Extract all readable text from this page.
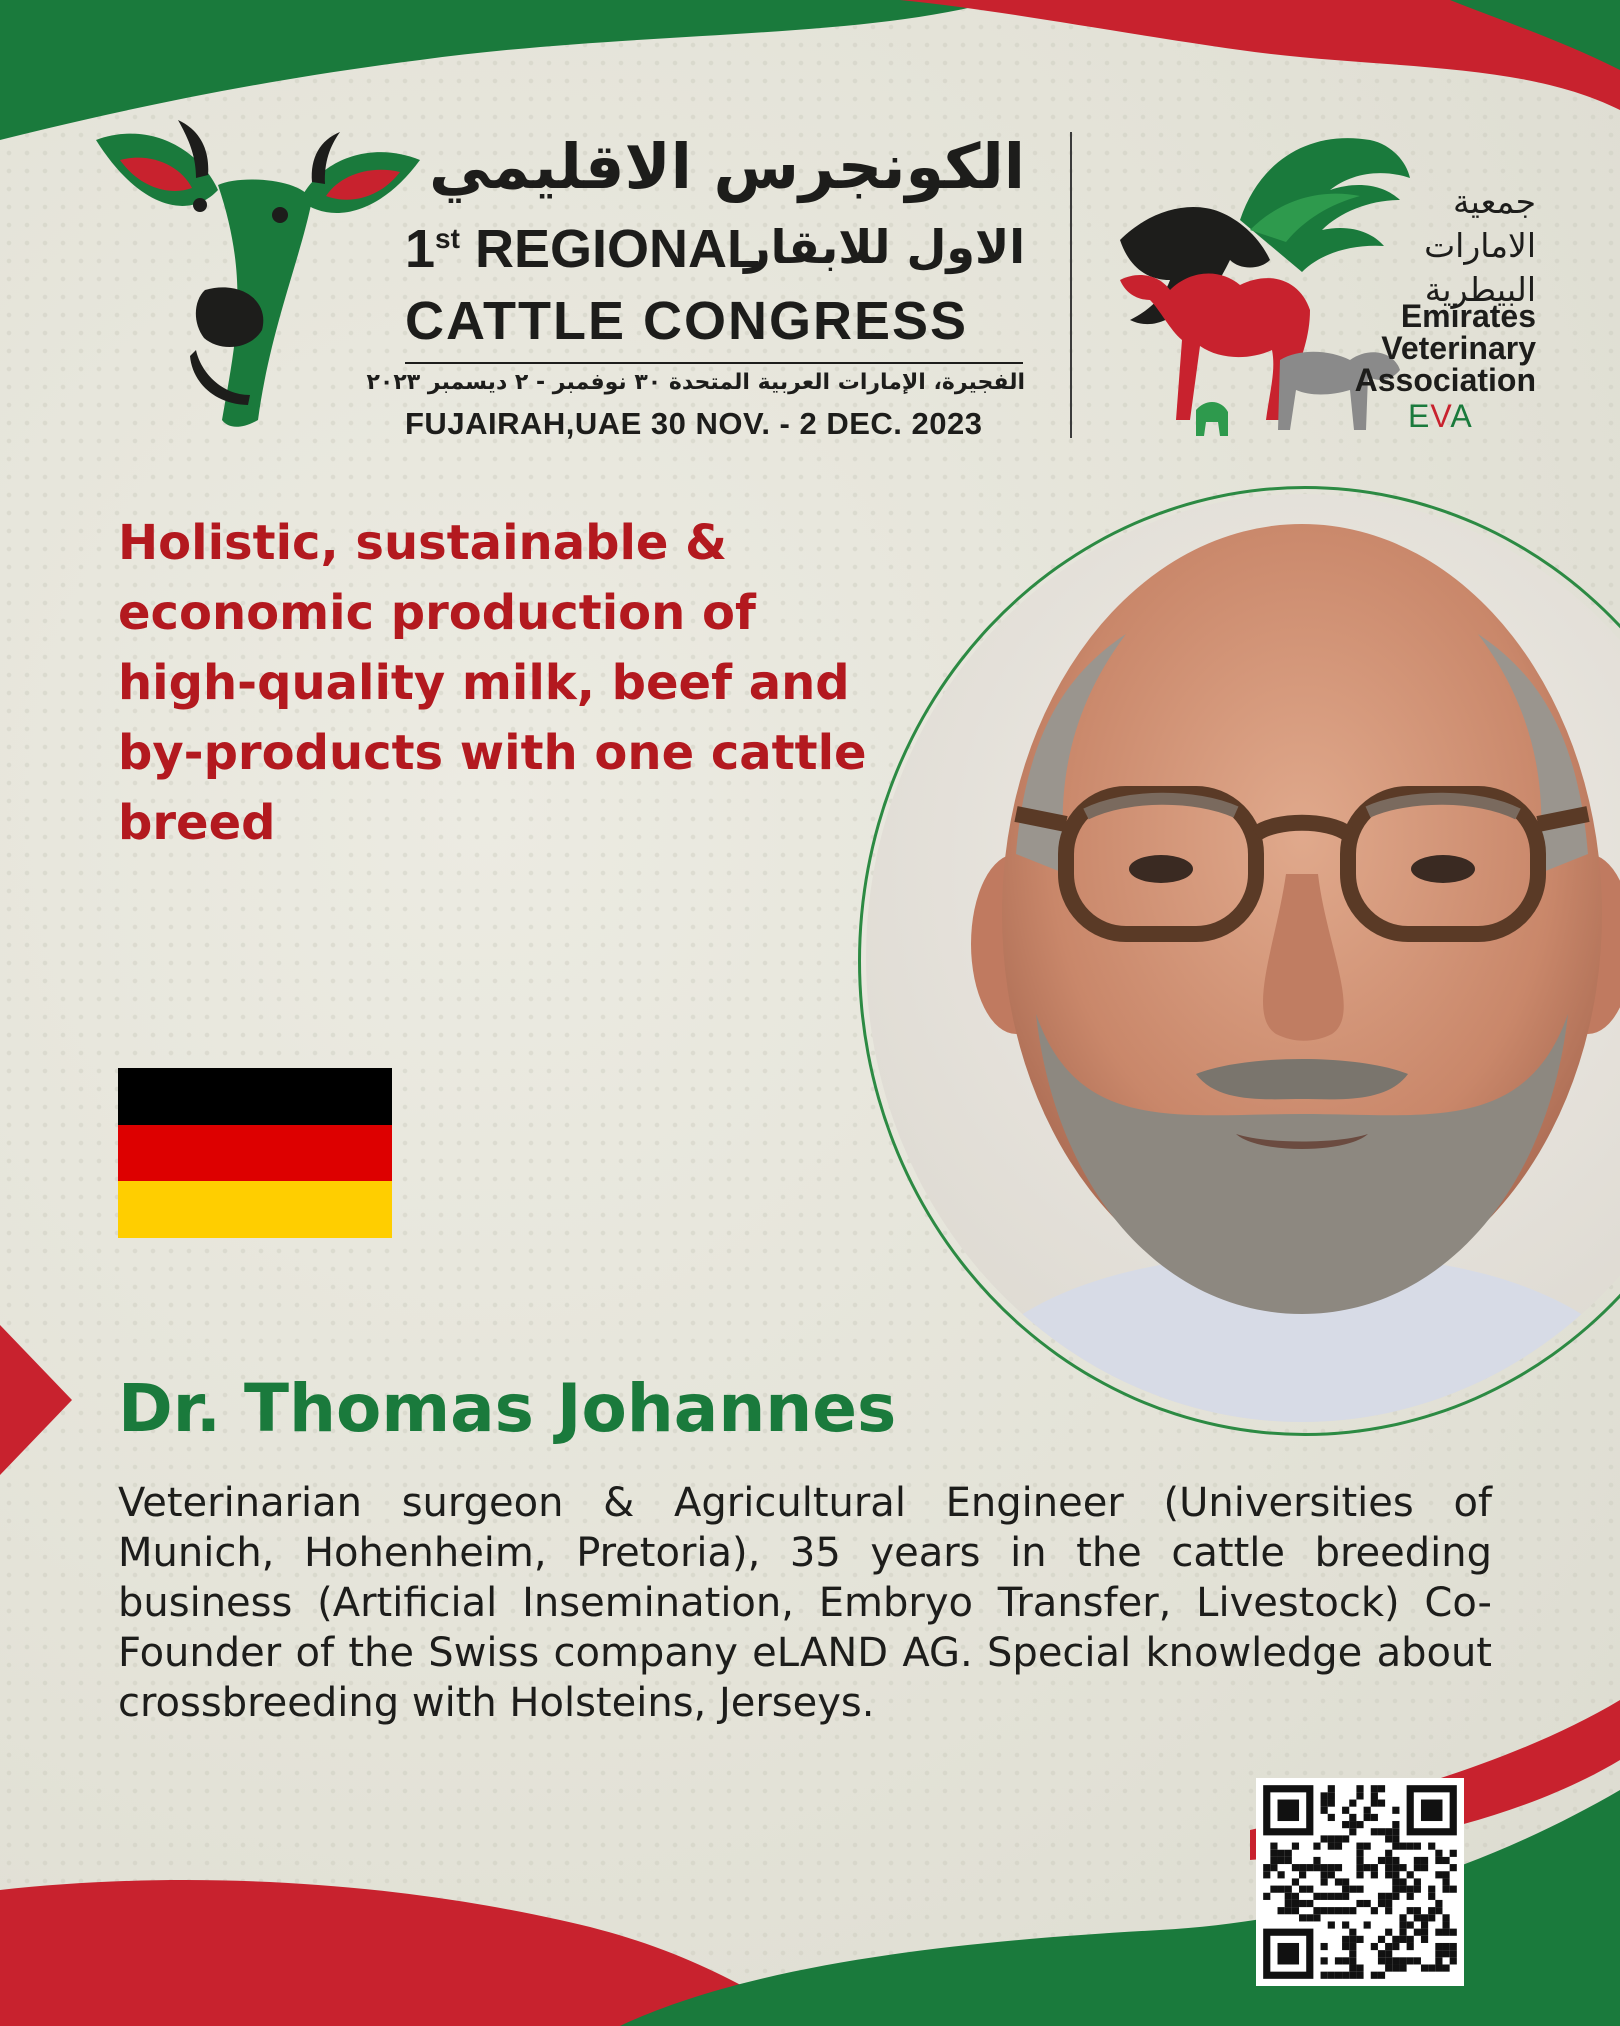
الكونجرس الاقليمي
1st REGIONAL
الاول للابقار
CATTLE CONGRESS
الفجيرة، الإمارات العربية المتحدة ٣٠ نوفمبر - ٢ ديسمبر ٢٠٢٣
FUJAIRAH,UAE 30 NOV. - 2 DEC. 2023
جمعية
الامارات
البيطرية
Emirates
Veterinary
Association
EVA
Holistic, sustainable & economic production of high-quality milk, beef and by-products with one cattle breed
Dr. Thomas Johannes
Veterinarian surgeon & Agricultural Engineer (Universities of Munich, Hohenheim, Pretoria), 35 years in the cattle breeding business (Artificial Insemination, Embryo Transfer, Livestock) Co-Founder of the Swiss company eLAND AG. Special knowledge about crossbreeding with Holsteins, Jerseys.
